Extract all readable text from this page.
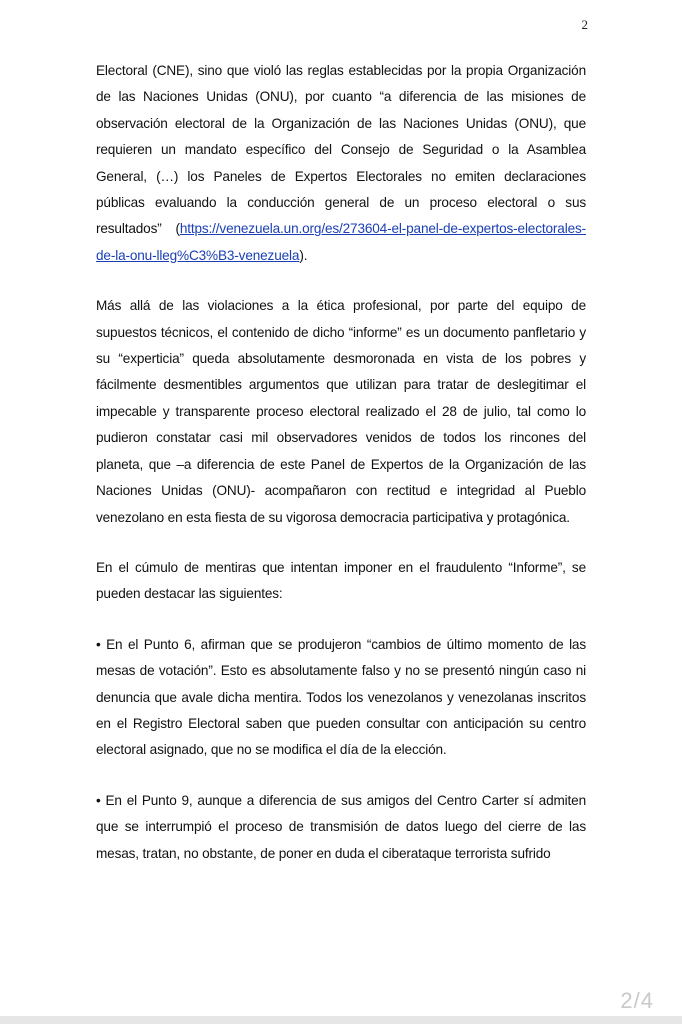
2

Electoral (CNE), sino que violó las reglas establecidas por la propia Organización de las Naciones Unidas (ONU), por cuanto “a diferencia de las misiones de observación electoral de la Organización de las Naciones Unidas (ONU), que requieren un mandato específico del Consejo de Seguridad o la Asamblea General, (…) los Paneles de Expertos Electorales no emiten declaraciones públicas evaluando la conducción general de un proceso electoral o sus resultados” (https://venezuela.un.org/es/273604-el-panel-de-expertos-electorales-de-la-onu-lleg%C3%B3-venezuela).

Más allá de las violaciones a la ética profesional, por parte del equipo de supuestos técnicos, el contenido de dicho “informe” es un documento panfletario y su “experticia” queda absolutamente desmoronada en vista de los pobres y fácilmente desmentibles argumentos que utilizan para tratar de deslegitimar el impecable y transparente proceso electoral realizado el 28 de julio, tal como lo pudieron constatar casi mil observadores venidos de todos los rincones del planeta, que –a diferencia de este Panel de Expertos de la Organización de las Naciones Unidas (ONU)- acompañaron con rectitud e integridad al Pueblo venezolano en esta fiesta de su vigorosa democracia participativa y protagónica.

En el cúmulo de mentiras que intentan imponer en el fraudulento “Informe”, se pueden destacar las siguientes:

• En el Punto 6, afirman que se produjeron “cambios de último momento de las mesas de votación”. Esto es absolutamente falso y no se presentó ningún caso ni denuncia que avale dicha mentira. Todos los venezolanos y venezolanas inscritos en el Registro Electoral saben que pueden consultar con anticipación su centro electoral asignado, que no se modifica el día de la elección.

• En el Punto 9, aunque a diferencia de sus amigos del Centro Carter sí admiten que se interrumpió el proceso de transmisión de datos luego del cierre de las mesas, tratan, no obstante, de poner en duda el ciberataque terrorista sufrido

2/4
